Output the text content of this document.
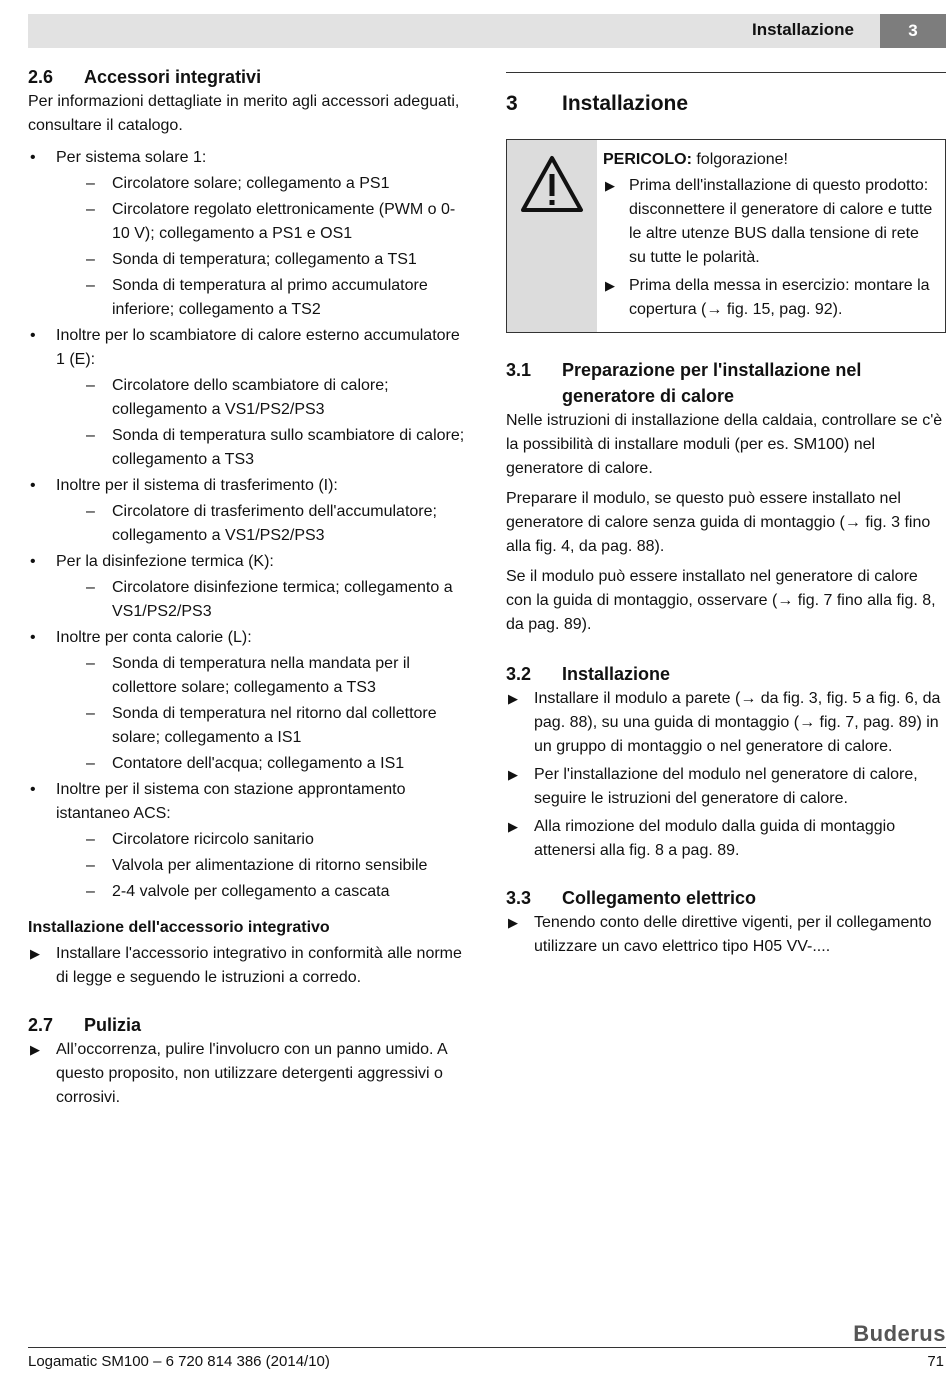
Installazione	3
2.6	Accessori integrativi

Per informazioni dettagliate in merito agli accessori adeguati, consultare il catalogo.

• Per sistema solare 1:
– Circolatore solare; collegamento a PS1
– Circolatore regolato elettronicamente (PWM o 0-10 V); collegamento a PS1 e OS1
– Sonda di temperatura; collegamento a TS1
– Sonda di temperatura al primo accumulatore inferiore; collegamento a TS2
• Inoltre per lo scambiatore di calore esterno accumulatore 1 (E):
– Circolatore dello scambiatore di calore; collegamento a VS1/PS2/PS3
– Sonda di temperatura sullo scambiatore di calore; collegamento a TS3
• Inoltre per il sistema di trasferimento (I):
– Circolatore di trasferimento dell'accumulatore; collegamento a VS1/PS2/PS3
• Per la disinfezione termica (K):
– Circolatore disinfezione termica; collegamento a VS1/PS2/PS3
• Inoltre per conta calorie (L):
– Sonda di temperatura nella mandata per il collettore solare; collegamento a TS3
– Sonda di temperatura nel ritorno dal collettore solare; collegamento a IS1
– Contatore dell'acqua; collegamento a IS1
• Inoltre per il sistema con stazione approntamento istantaneo ACS:
– Circolatore ricircolo sanitario
– Valvola per alimentazione di ritorno sensibile
– 2-4 valvole per collegamento a cascata
Installazione dell'accessorio integrativo
▶ Installare l'accessorio integrativo in conformità alle norme di legge e seguendo le istruzioni a corredo.
2.7	Pulizia
▶ All’occorrenza, pulire l'involucro con un panno umido. A questo proposito, non utilizzare detergenti aggressivi o corrosivi.
3	Installazione
PERICOLO: folgorazione!
▶ Prima dell'installazione di questo prodotto: disconnettere il generatore di calore e tutte le altre utenze BUS dalla tensione di rete su tutte le polarità.
▶ Prima della messa in esercizio: montare la copertura (→ fig. 15, pag. 92).
3.1	Preparazione per l'installazione nel generatore di calore

Nelle istruzioni di installazione della caldaia, controllare se c'è la possibilità di installare moduli (per es. SM100) nel generatore di calore.

Preparare il modulo, se questo può essere installato nel generatore di calore senza guida di montaggio (→ fig. 3 fino alla fig. 4, da pag. 88).

Se il modulo può essere installato nel generatore di calore con la guida di montaggio, osservare (→ fig. 7 fino alla fig. 8, da pag. 89).

3.2	Installazione
▶ Installare il modulo a parete (→ da fig. 3, fig. 5 a fig. 6, da pag. 88), su una guida di montaggio (→ fig. 7, pag. 89) in un gruppo di montaggio o nel generatore di calore.
▶ Per l'installazione del modulo nel generatore di calore, seguire le istruzioni del generatore di calore.
▶ Alla rimozione del modulo dalla guida di montaggio attenersi alla fig. 8 a pag. 89.
3.3	Collegamento elettrico
▶ Tenendo conto delle direttive vigenti, per il collegamento utilizzare un cavo elettrico tipo H05 VV-....
Buderus
Logamatic SM100 – 6 720 814 386 (2014/10)	71
